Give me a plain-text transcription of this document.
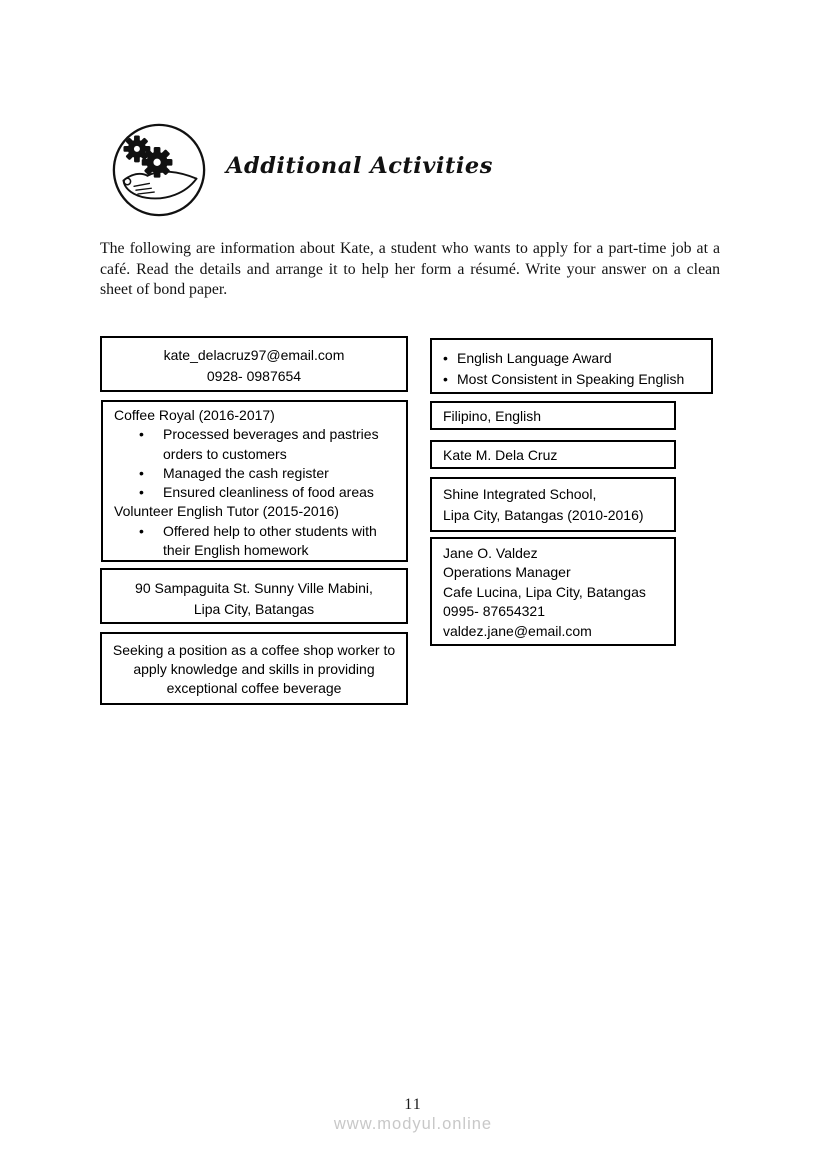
Additional Activities

The following are information about Kate, a student who wants to apply for a part-time job at a café. Read the details and arrange it to help her form a résumé. Write your answer on a clean sheet of bond paper.

kate_delacruz97@email.com
0928- 0987654
Coffee Royal (2016-2017)
• Processed beverages and pastries orders to customers
• Managed the cash register
• Ensured cleanliness of food areas
Volunteer English Tutor (2015-2016)
• Offered help to other students with their English homework
90 Sampaguita St. Sunny Ville Mabini,
Lipa City, Batangas
Seeking a position as a coffee shop worker to apply knowledge and skills in providing exceptional coffee beverage
• English Language Award
• Most Consistent in Speaking English
Filipino, English
Kate M. Dela Cruz
Shine Integrated School,
Lipa City, Batangas (2010-2016)
Jane O. Valdez
Operations Manager
Cafe Lucina, Lipa City, Batangas
0995- 87654321
valdez.jane@email.com
11
www.modyul.online
